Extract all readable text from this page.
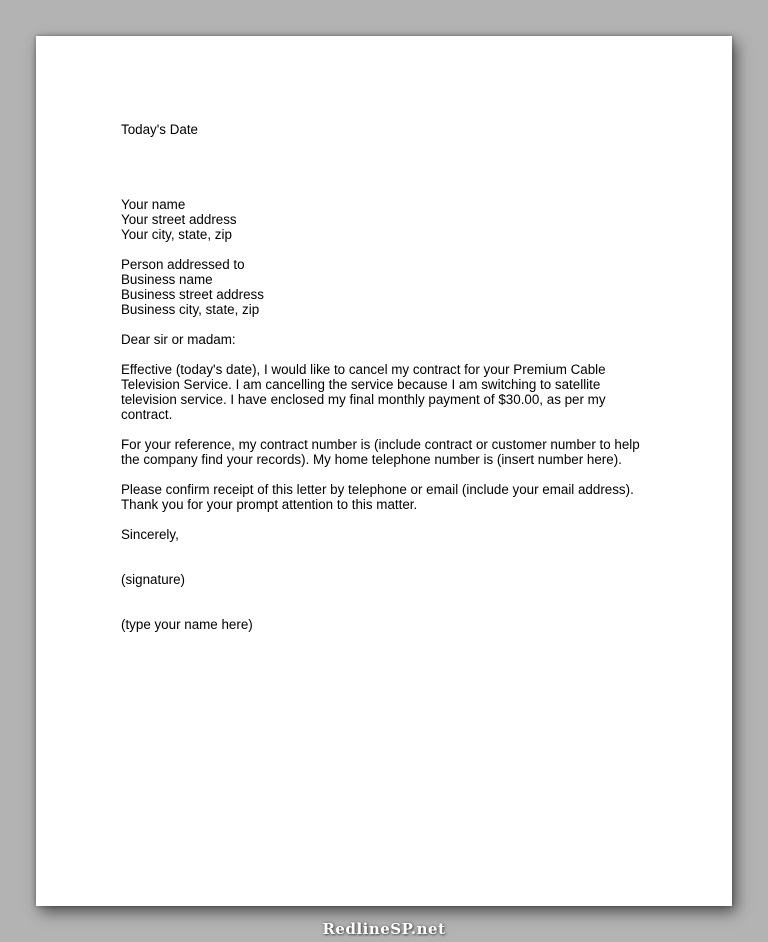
Today's Date
Your name
Your street address
Your city, state, zip
Person addressed to
Business name
Business street address
Business city, state, zip
Dear sir or madam:
Effective (today's date), I would like to cancel my contract for your Premium Cable
Television Service. I am cancelling the service because I am switching to satellite
television service. I have enclosed my final monthly payment of $30.00, as per my
contract.
For your reference, my contract number is (include contract or customer number to help
the company find your records). My home telephone number is (insert number here).
Please confirm receipt of this letter by telephone or email (include your email address).
Thank you for your prompt attention to this matter.
Sincerely,
(signature)
(type your name here)
RedlineSP.net
